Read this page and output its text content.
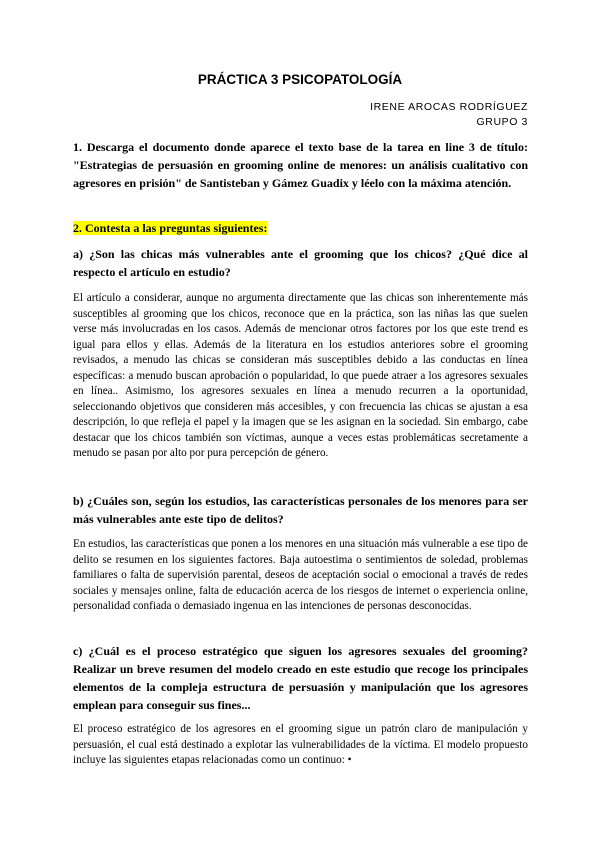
PRÁCTICA 3 PSICOPATOLOGÍA
IRENE AROCAS RODRÍGUEZ
GRUPO 3
1. Descarga el documento donde aparece el texto base de la tarea en line 3 de título: "Estrategias de persuasión en grooming online de menores: un análisis cualitativo con agresores en prisión" de Santisteban y Gámez Guadix y léelo con la máxima atención.
2. Contesta a las preguntas siguientes:
a) ¿Son las chicas más vulnerables ante el grooming que los chicos? ¿Qué dice al respecto el artículo en estudio?
El artículo a considerar, aunque no argumenta directamente que las chicas son inherentemente más susceptibles al grooming que los chicos, reconoce que en la práctica, son las niñas las que suelen verse más involucradas en los casos. Además de mencionar otros factores por los que este trend es igual para ellos y ellas. Además de la literatura en los estudios anteriores sobre el grooming revisados, a menudo las chicas se consideran más susceptibles debido a las conductas en línea específicas: a menudo buscan aprobación o popularidad, lo que puede atraer a los agresores sexuales en línea.. Asimismo, los agresores sexuales en línea a menudo recurren a la oportunidad, seleccionando objetivos que consideren más accesibles, y con frecuencia las chicas se ajustan a esa descripción, lo que refleja el papel y la imagen que se les asignan en la sociedad. Sin embargo, cabe destacar que los chicos también son víctimas, aunque a veces estas problemáticas secretamente a menudo se pasan por alto por pura percepción de género.
b) ¿Cuáles son, según los estudios, las características personales de los menores para ser más vulnerables ante este tipo de delitos?
En estudios, las características que ponen a los menores en una situación más vulnerable a ese tipo de delito se resumen en los siguientes factores. Baja autoestima o sentimientos de soledad, problemas familiares o falta de supervisión parental, deseos de aceptación social o emocional a través de redes sociales y mensajes online, falta de educación acerca de los riesgos de internet o experiencia online, personalidad confiada o demasiado ingenua en las intenciones de personas desconocidas.
c) ¿Cuál es el proceso estratégico que siguen los agresores sexuales del grooming? Realizar un breve resumen del modelo creado en este estudio que recoge los principales elementos de la compleja estructura de persuasión y manipulación que los agresores emplean para conseguir sus fines...
El proceso estratégico de los agresores en el grooming sigue un patrón claro de manipulación y persuasión, el cual está destinado a explotar las vulnerabilidades de la víctima. El modelo propuesto incluye las siguientes etapas relacionadas como un continuo: •
